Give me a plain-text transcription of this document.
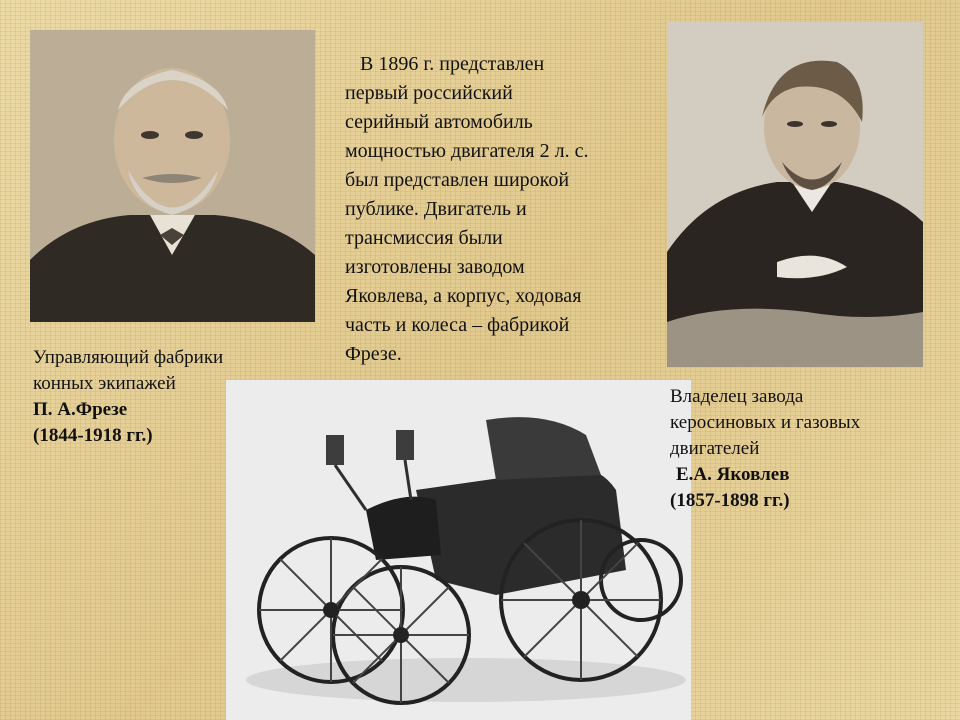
В 1896 г. представлен
первый российский
серийный автомобиль
мощностью двигателя 2 л. с.
был представлен широкой
публике. Двигатель и
трансмиссия были
изготовлены заводом
Яковлева, а корпус, ходовая
часть и колеса – фабрикой
Фрезе.
Управляющий фабрики
конных экипажей
П. А.Фрезе
(1844-1918 гг.)
Владелец завода
керосиновых и газовых
двигателей
Е.А. Яковлев
(1857-1898 гг.)
